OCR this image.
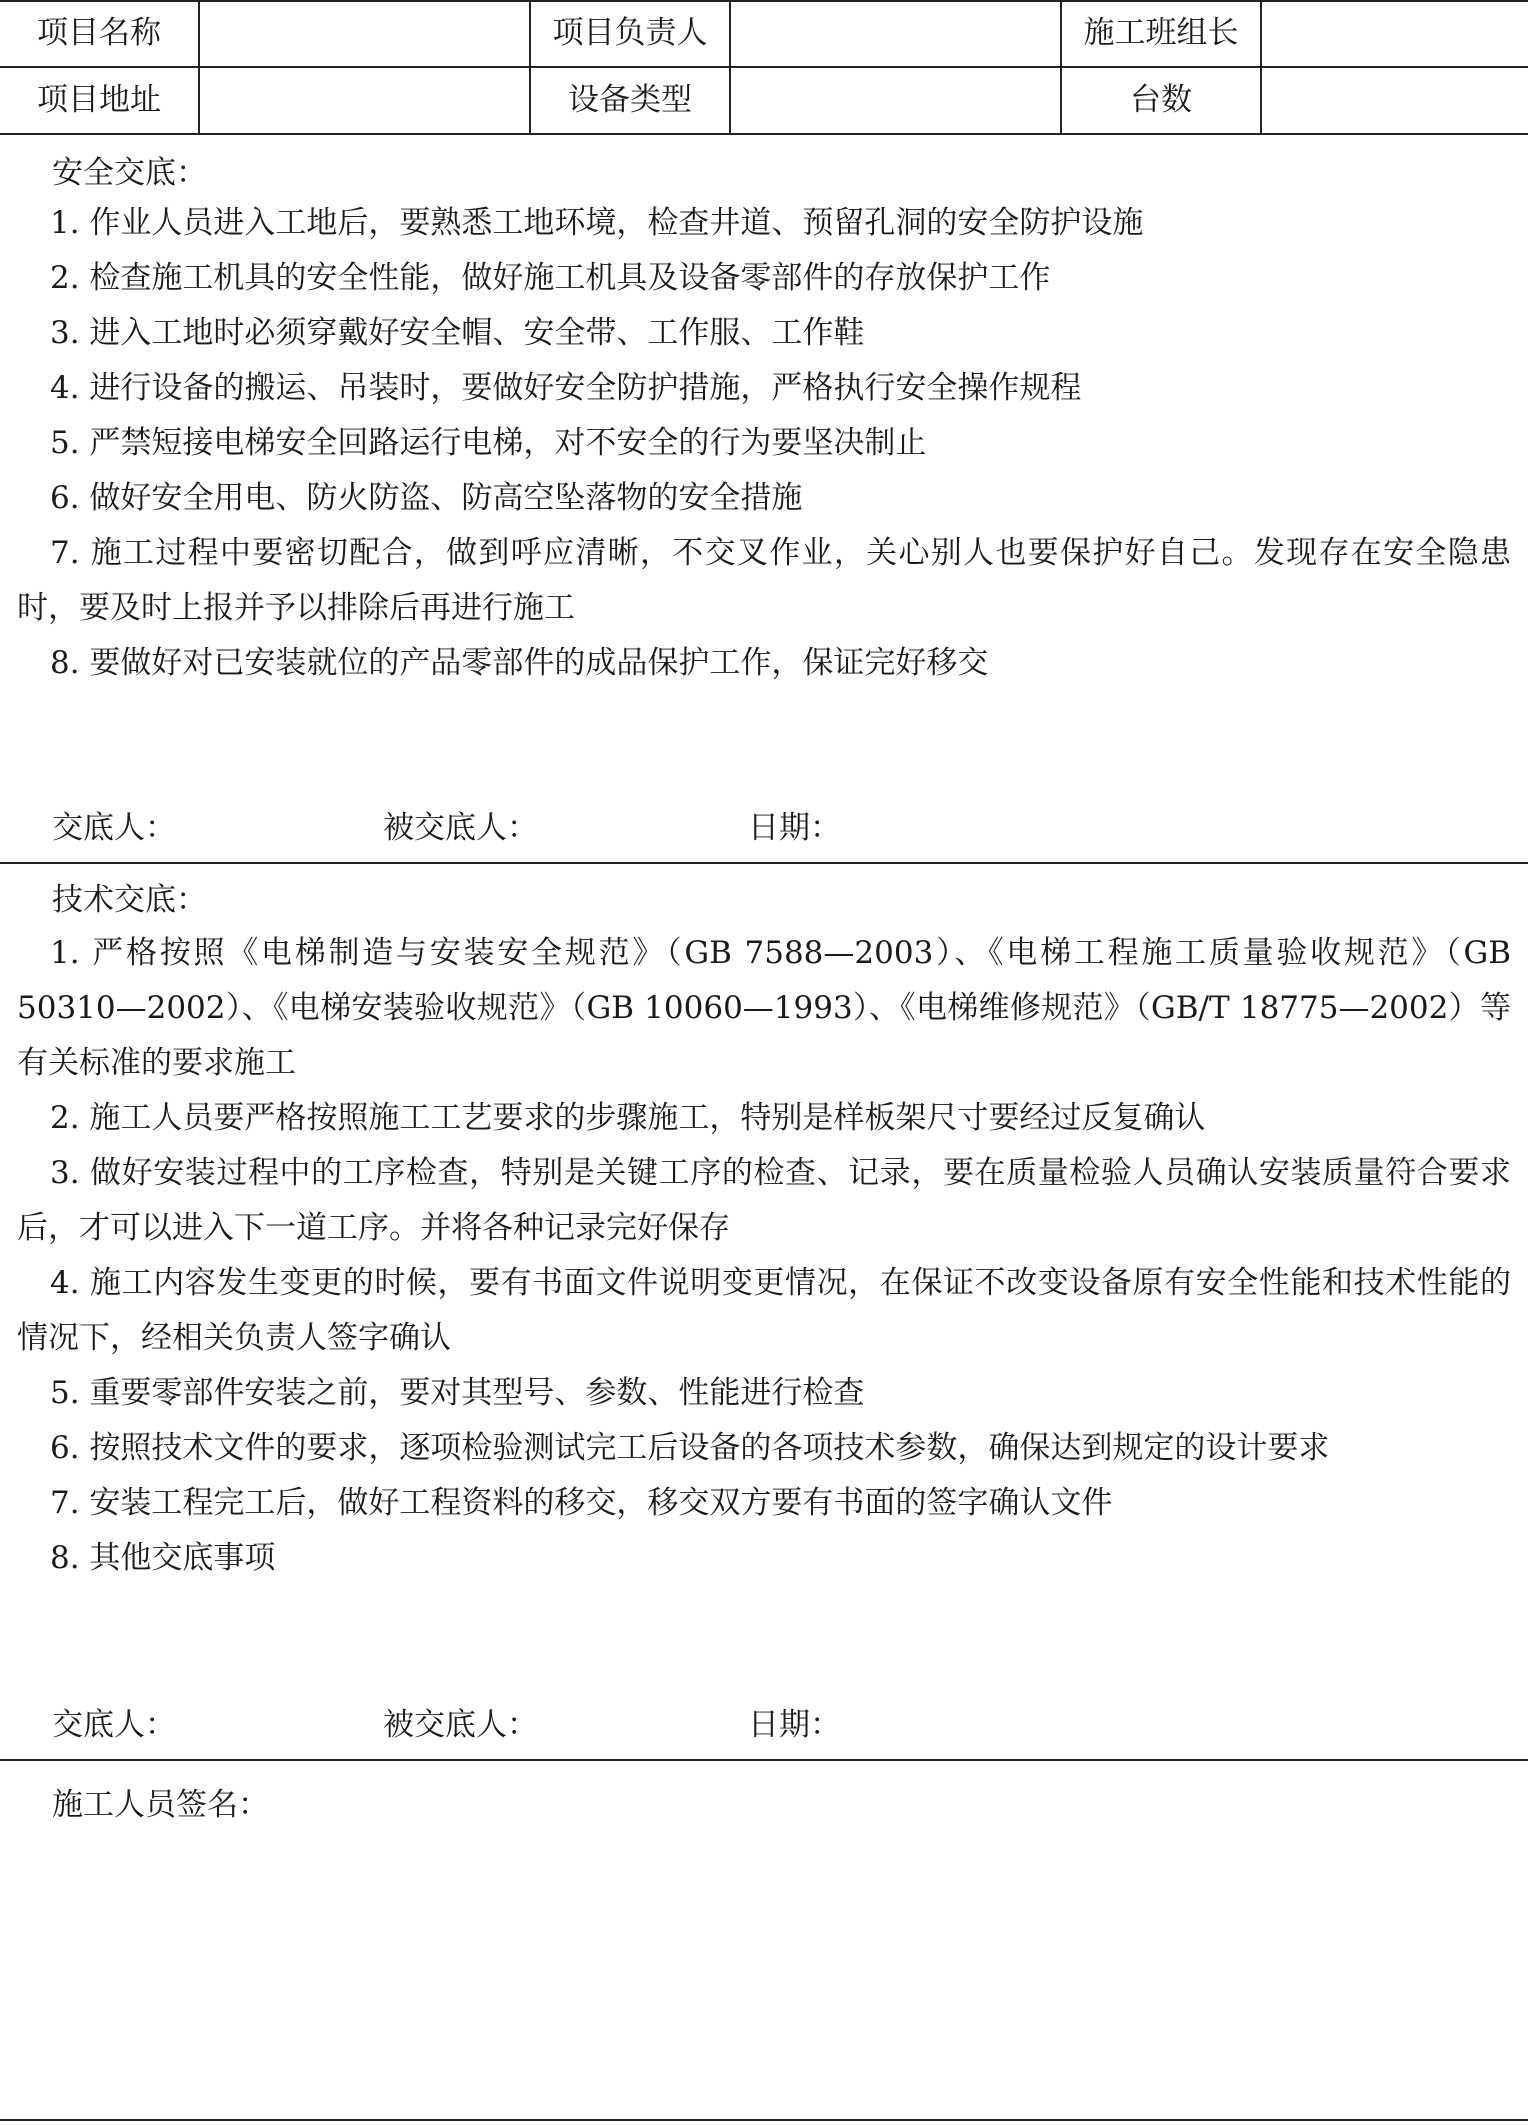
项目名称	项目负责人	施工班组长
项目地址	设备类型	台数
安全交底：
1. 作业人员进入工地后，要熟悉工地环境，检查井道、预留孔洞的安全防护设施
2. 检查施工机具的安全性能，做好施工机具及设备零部件的存放保护工作
3. 进入工地时必须穿戴好安全帽、安全带、工作服、工作鞋
4. 进行设备的搬运、吊装时，要做好安全防护措施，严格执行安全操作规程
5. 严禁短接电梯安全回路运行电梯，对不安全的行为要坚决制止
6. 做好安全用电、防火防盗、防高空坠落物的安全措施
7. 施工过程中要密切配合，做到呼应清晰，不交叉作业，关心别人也要保护好自己。发现存在安全隐患时，要及时上报并予以排除后再进行施工
8. 要做好对已安装就位的产品零部件的成品保护工作，保证完好移交
交底人：	被交底人：	日期：
技术交底：
1. 严格按照《电梯制造与安装安全规范》（GB 7588—2003）、《电梯工程施工质量验收规范》（GB 50310—2002）、《电梯安装验收规范》（GB 10060—1993）、《电梯维修规范》（GB/T 18775—2002）等有关标准的要求施工
2. 施工人员要严格按照施工工艺要求的步骤施工，特别是样板架尺寸要经过反复确认
3. 做好安装过程中的工序检查，特别是关键工序的检查、记录，要在质量检验人员确认安装质量符合要求后，才可以进入下一道工序。并将各种记录完好保存
4. 施工内容发生变更的时候，要有书面文件说明变更情况，在保证不改变设备原有安全性能和技术性能的情况下，经相关负责人签字确认
5. 重要零部件安装之前，要对其型号、参数、性能进行检查
6. 按照技术文件的要求，逐项检验测试完工后设备的各项技术参数，确保达到规定的设计要求
7. 安装工程完工后，做好工程资料的移交，移交双方要有书面的签字确认文件
8. 其他交底事项
交底人：	被交底人：	日期：
施工人员签名：
